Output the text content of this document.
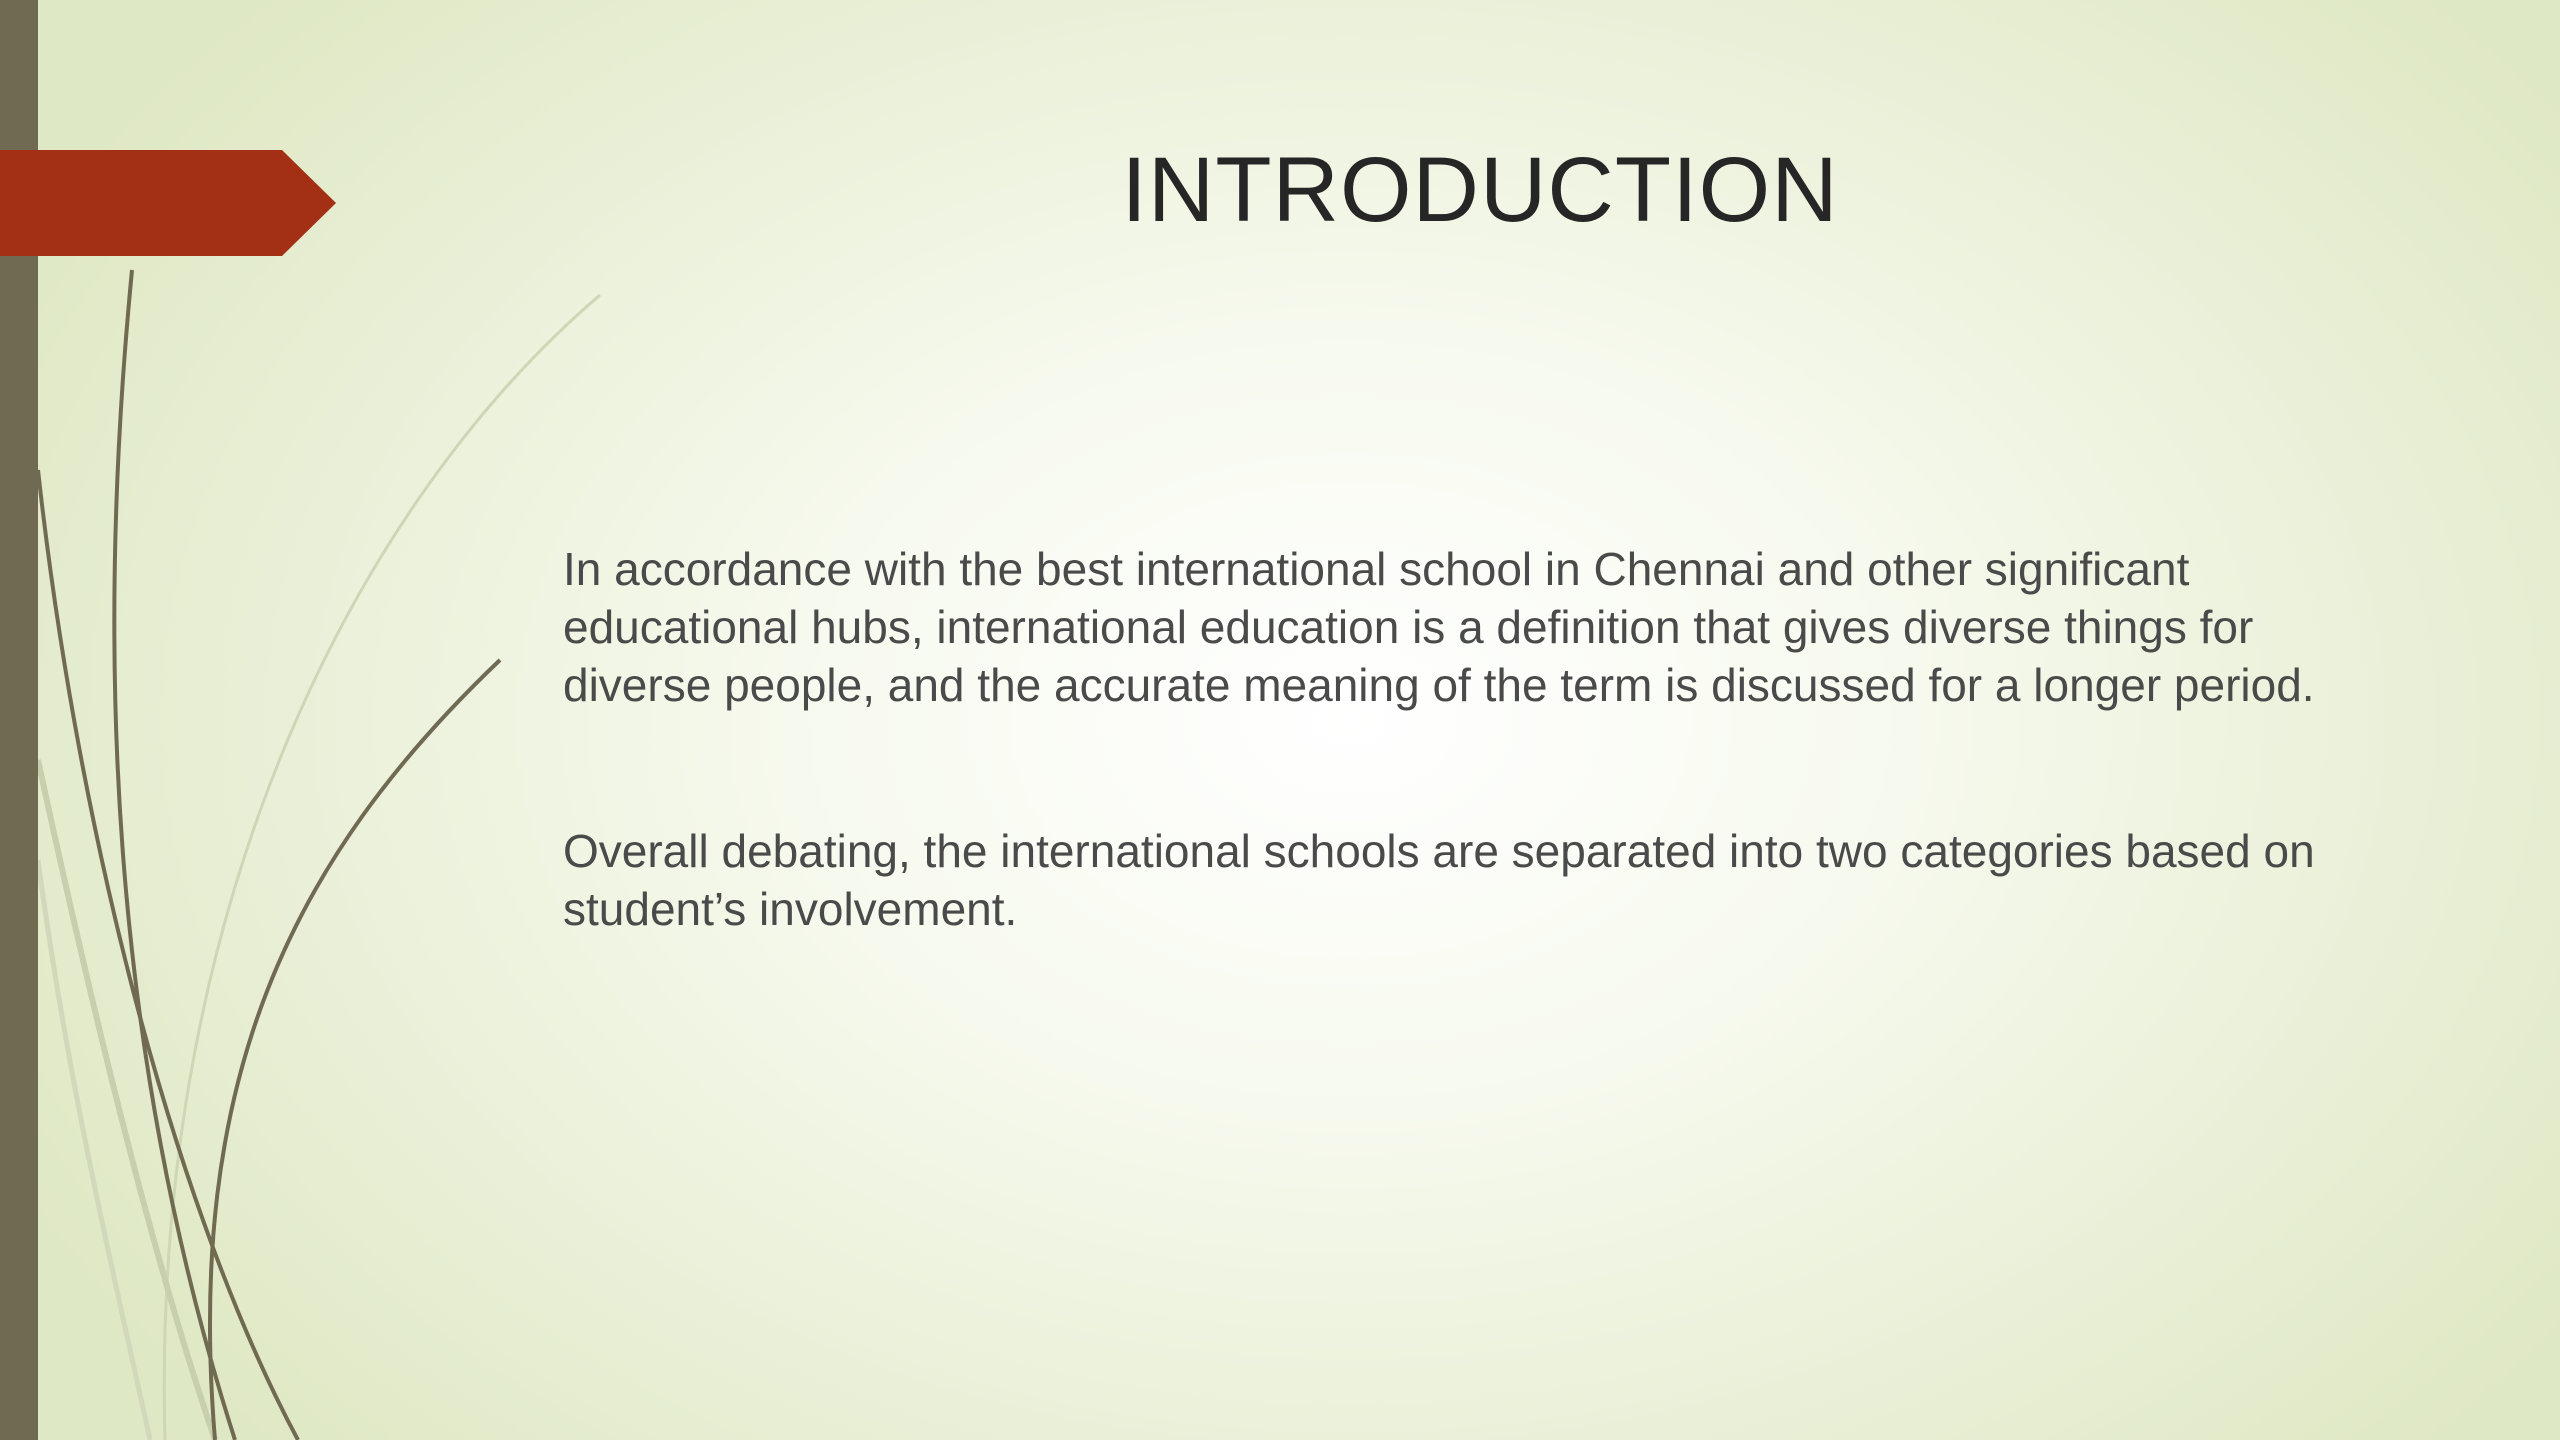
INTRODUCTION

In accordance with the best international school in Chennai and other significant educational hubs, international education is a definition that gives diverse things for diverse people, and the accurate meaning of the term is discussed for a longer period.

Overall debating, the international schools are separated into two categories based on student’s involvement.
